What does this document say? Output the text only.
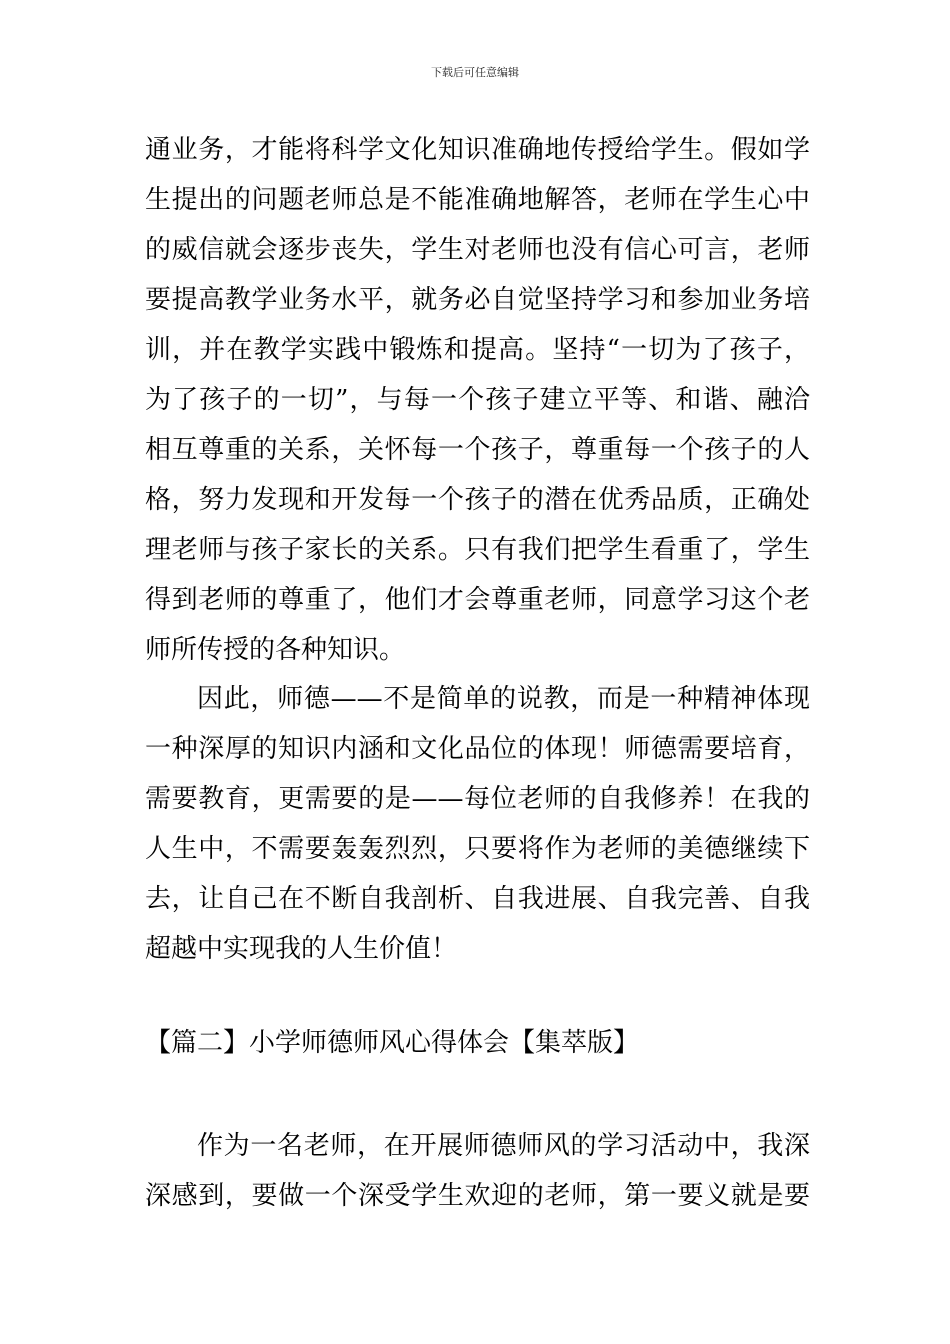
下载后可任意编辑
通业务，才能将科学文化知识准确地传授给学生。假如学
生提出的问题老师总是不能准确地解答，老师在学生心中
的威信就会逐步丧失，学生对老师也没有信心可言，老师
要提高教学业务水平，就务必自觉坚持学习和参加业务培
训，并在教学实践中锻炼和提高。坚持“一切为了孩子，
为了孩子的一切”，与每一个孩子建立平等、和谐、融洽
相互尊重的关系，关怀每一个孩子，尊重每一个孩子的人
格，努力发现和开发每一个孩子的潜在优秀品质，正确处
理老师与孩子家长的关系。只有我们把学生看重了，学生
得到老师的尊重了，他们才会尊重老师，同意学习这个老
师所传授的各种知识。
因此，师德——不是简单的说教，而是一种精神体现
一种深厚的知识内涵和文化品位的体现！师德需要培育，
需要教育，更需要的是——每位老师的自我修养！在我的
人生中，不需要轰轰烈烈，只要将作为老师的美德继续下
去，让自己在不断自我剖析、自我进展、自我完善、自我
超越中实现我的人生价值！
【篇二】小学师德师风心得体会【集萃版】
作为一名老师，在开展师德师风的学习活动中，我深
深感到，要做一个深受学生欢迎的老师，第一要义就是要
